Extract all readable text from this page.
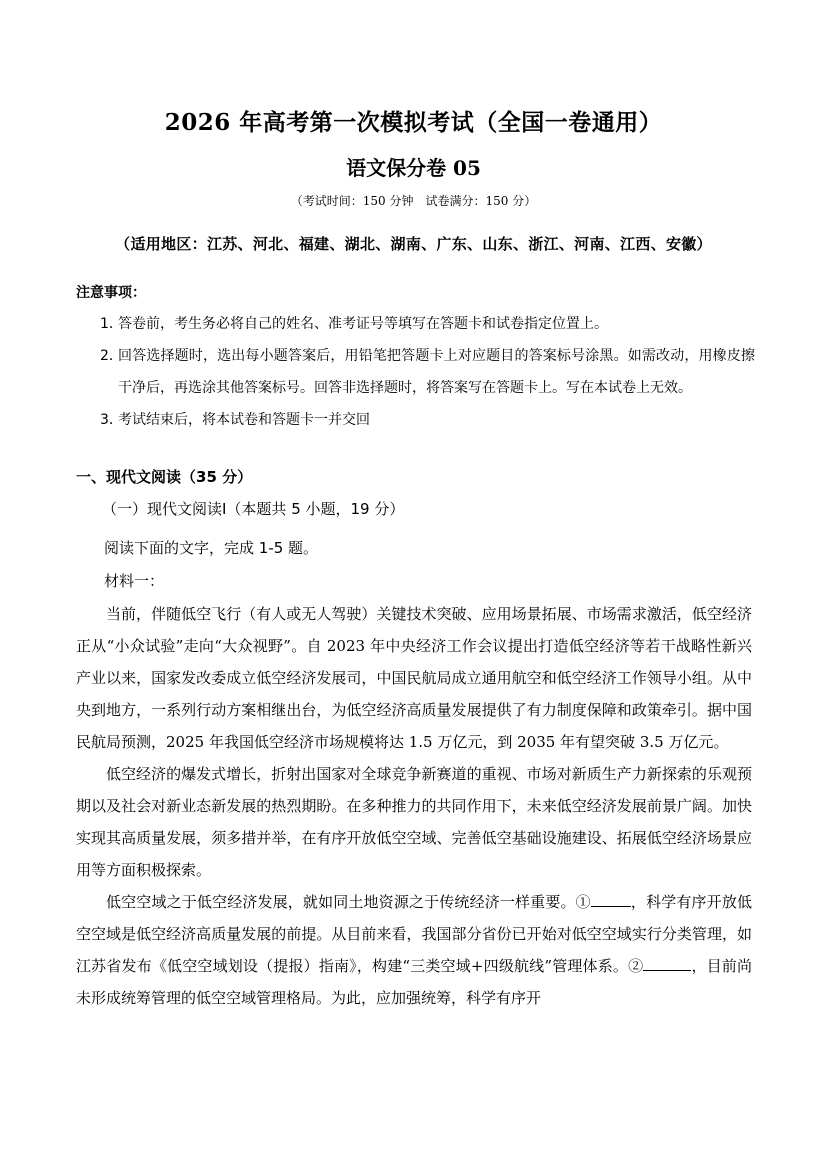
2026 年高考第一次模拟考试（全国一卷通用）
语文保分卷 05
（考试时间：150 分钟　试卷满分：150 分）
（适用地区：江苏、河北、福建、湖北、湖南、广东、山东、浙江、河南、江西、安徽）
注意事项：
1．
答卷前，考生务必将自己的姓名、准考证号等填写在答题卡和试卷指定位置上。
2．
回答选择题时，选出每小题答案后，用铅笔把答题卡上对应题目的答案标号涂黑。如需改动，用橡皮擦干净后，再选涂其他答案标号。回答非选择题时，将答案写在答题卡上。写在本试卷上无效。
3．
考试结束后，将本试卷和答题卡一并交回
一、现代文阅读（35 分）
（一）现代文阅读Ⅰ（本题共 5 小题，19 分）
阅读下面的文字，完成 1-5 题。
材料一：

当前，伴随低空飞行（有人或无人驾驶）关键技术突破、应用场景拓展、市场需求激活，低空经济正从“小众试验”走向“大众视野”。自 2023 年中央经济工作会议提出打造低空经济等若干战略性新兴产业以来，国家发改委成立低空经济发展司，中国民航局成立通用航空和低空经济工作领导小组。从中央到地方，一系列行动方案相继出台，为低空经济高质量发展提供了有力制度保障和政策牵引。据中国民航局预测，2025 年我国低空经济市场规模将达 1.5 万亿元，到 2035 年有望突破 3.5 万亿元。

低空经济的爆发式增长，折射出国家对全球竞争新赛道的重视、市场对新质生产力新探索的乐观预期以及社会对新业态新发展的热烈期盼。在多种推力的共同作用下，未来低空经济发展前景广阔。加快实现其高质量发展，须多措并举，在有序开放低空空域、完善低空基础设施建设、拓展低空经济场景应用等方面积极探索。

低空空域之于低空经济发展，就如同土地资源之于传统经济一样重要。①	，科学有序开放低空空域是低空经济高质量发展的前提。从目前来看，我国部分省份已开始对低空空域实行分类管理，如江苏省发布《低空空域划设（提报）指南》，构建“三类空域+四级航线”管理体系。②	，目前尚未形成统筹管理的低空空域管理格局。为此，应加强统筹，科学有序开
